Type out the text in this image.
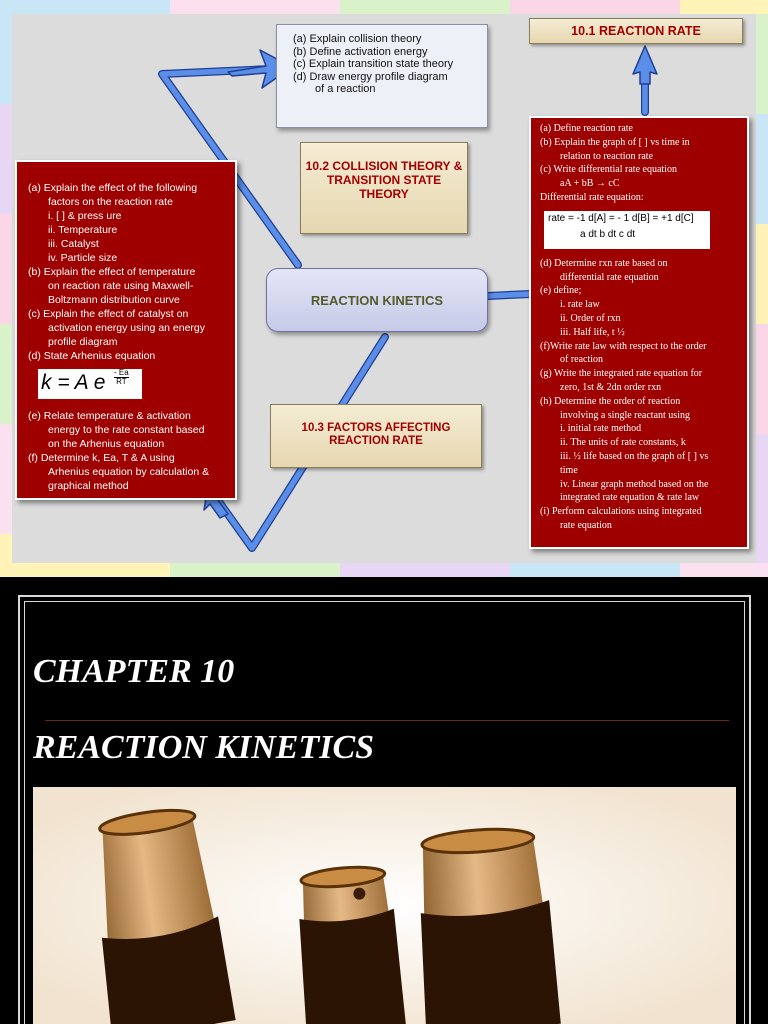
(a) Explain collision theory
(b) Define activation energy
(c) Explain transition state theory
(d) Draw energy profile diagram
of a reaction
10.1 REACTION RATE
10.2 COLLISION THEORY & TRANSITION STATE THEORY
10.3 FACTORS AFFECTING REACTION RATE
REACTION KINETICS
(a) Explain the effect of the following
factors on the reaction rate
i. [ ] & press ure
ii. Temperature
iii. Catalyst
iv. Particle size
(b) Explain the effect of temperature
on reaction rate using Maxwell-
Boltzmann distribution curve
(c) Explain the effect of catalyst on
activation energy using an energy
profile diagram
(d) State Arhenius equation
(e) Relate temperature & activation
energy to the rate constant based
on the Arhenius equation
(f) Determine k, Ea, T & A using
Arhenius equation by calculation &
graphical method
k = A e - Ea
RT
(a) Define reaction rate
(b) Explain the graph of [ ] vs time in
relation to reaction rate
(c) Write differential rate equation
aA + bB → cC
Differential rate equation:
(d) Determine rxn rate based on
differential rate equation
(e) define;
i. rate law
ii. Order of rxn
iii. Half life, t ½
(f)Write rate law with respect to the order
of reaction
(g) Write the integrated rate equation for
zero, 1st & 2dn order rxn
(h) Determine the order of reaction
involving a single reactant using
i. initial rate method
ii. The units of rate constants, k
iii. ½ life based on the graph of [ ] vs
time
iv. Linear graph method based on the
integrated rate equation & rate law
(i) Perform calculations using integrated
rate equation
rate = -1 d[A] = - 1 d[B] = +1 d[C]
a dt b dt c dt
CHAPTER 10
REACTION KINETICS
